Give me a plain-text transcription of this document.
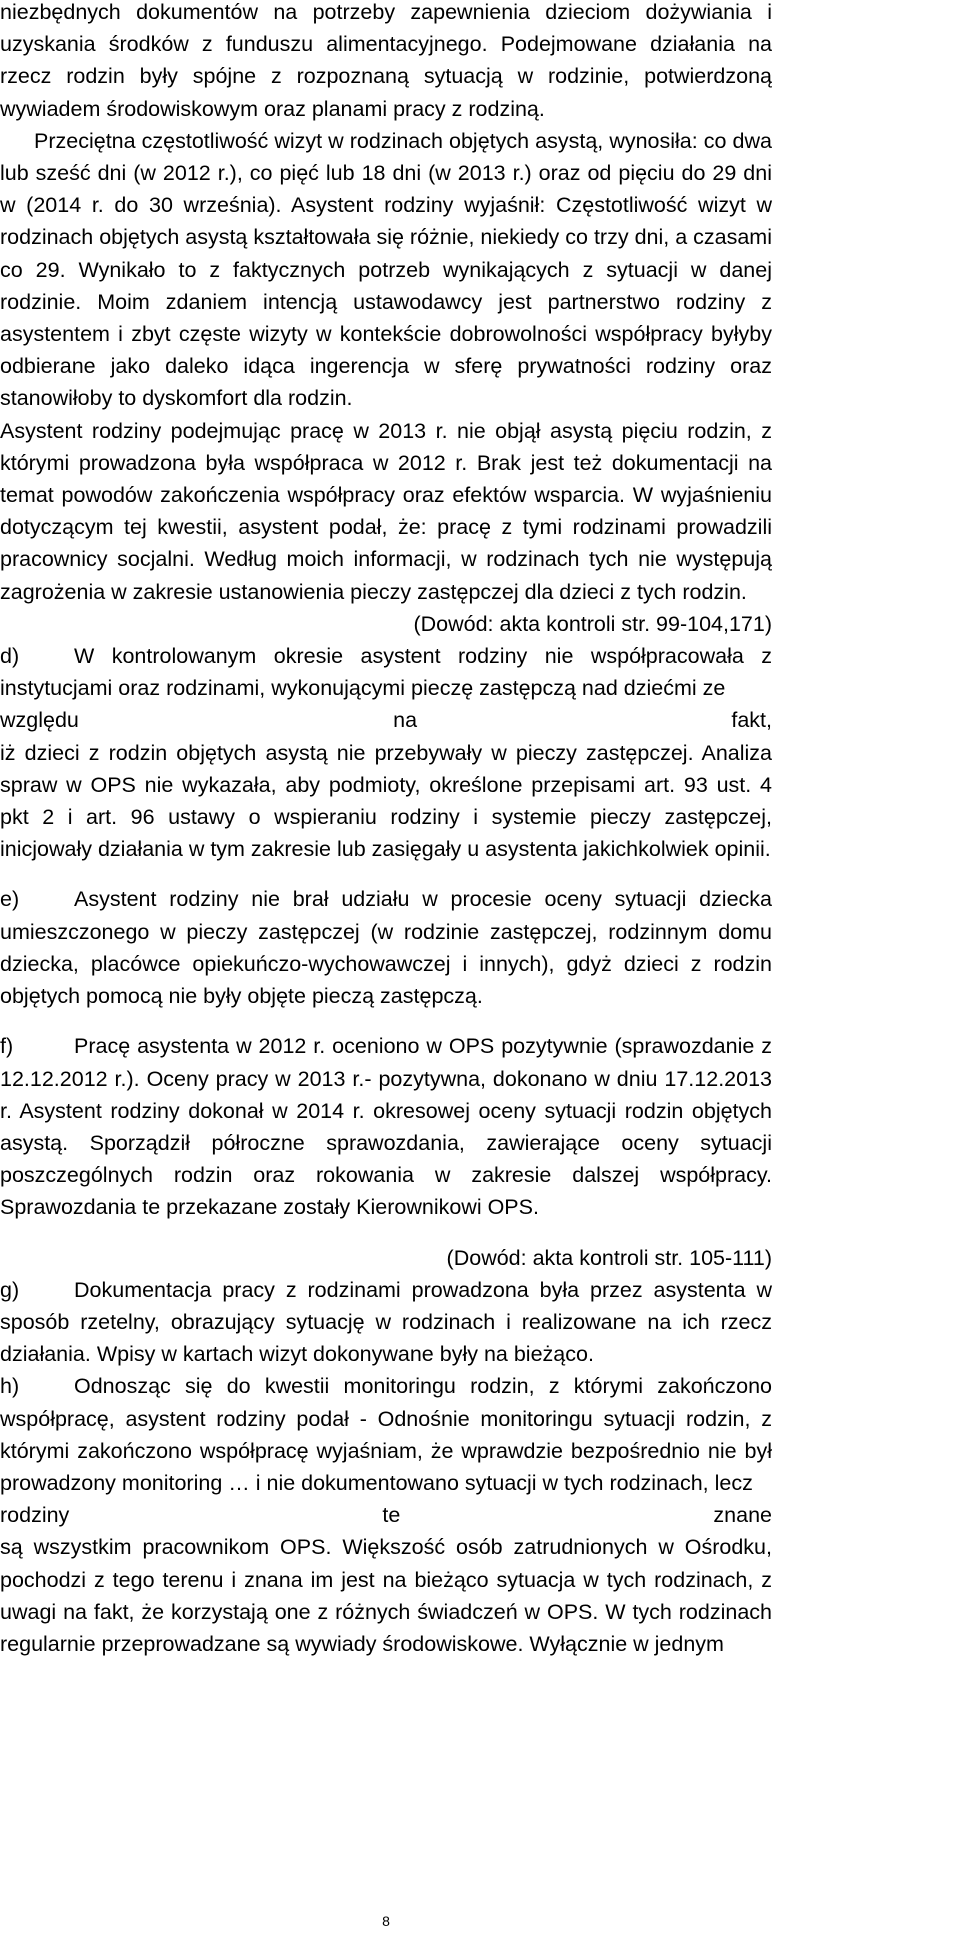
niezbędnych dokumentów na potrzeby zapewnienia dzieciom dożywiania i uzyskania środków z funduszu alimentacyjnego. Podejmowane działania na rzecz rodzin były spójne z rozpoznaną sytuacją w rodzinie, potwierdzoną wywiadem środowiskowym oraz planami pracy z rodziną.

Przeciętna częstotliwość wizyt w rodzinach objętych asystą, wynosiła: co dwa lub sześć dni (w 2012 r.), co pięć lub 18 dni (w 2013 r.) oraz od pięciu do 29 dni w (2014 r. do 30 września). Asystent rodziny wyjaśnił: Częstotliwość wizyt w rodzinach objętych asystą kształtowała się różnie, niekiedy co trzy dni, a czasami co 29. Wynikało to z faktycznych potrzeb wynikających z sytuacji w danej rodzinie. Moim zdaniem intencją ustawodawcy jest partnerstwo rodziny z asystentem i zbyt częste wizyty w kontekście dobrowolności współpracy byłyby odbierane jako daleko idąca ingerencja w sferę prywatności rodziny oraz stanowiłoby to dyskomfort dla rodzin.

Asystent rodziny podejmując pracę w 2013 r. nie objął asystą pięciu rodzin, z którymi prowadzona była współpraca w 2012 r. Brak jest też dokumentacji na temat powodów zakończenia współpracy oraz efektów wsparcia. W wyjaśnieniu dotyczącym tej kwestii, asystent podał, że: pracę z tymi rodzinami prowadzili pracownicy socjalni. Według moich informacji, w rodzinach tych nie występują zagrożenia w zakresie ustanowienia pieczy zastępczej dla dzieci z tych rodzin.

(Dowód: akta kontroli str. 99-104,171)

d)	W kontrolowanym okresie asystent rodziny nie współpracowała z instytucjami oraz rodzinami, wykonującymi pieczę zastępczą nad dziećmi ze

względu	na	fakt,

iż dzieci z rodzin objętych asystą nie przebywały w pieczy zastępczej. Analiza spraw w OPS nie wykazała, aby podmioty, określone przepisami art. 93 ust. 4 pkt 2 i art. 96 ustawy o wspieraniu rodziny i systemie pieczy zastępczej, inicjowały działania w tym zakresie lub zasięgały u asystenta jakichkolwiek opinii.

e)	Asystent rodziny nie brał udziału w procesie oceny sytuacji dziecka umieszczonego w pieczy zastępczej (w rodzinie zastępczej, rodzinnym domu dziecka, placówce opiekuńczo-wychowawczej i innych), gdyż dzieci z rodzin objętych pomocą nie były objęte pieczą zastępczą.

f)	Pracę asystenta w 2012 r. oceniono w OPS pozytywnie (sprawozdanie z 12.12.2012 r.). Oceny pracy w 2013 r.- pozytywna, dokonano w dniu 17.12.2013 r. Asystent rodziny dokonał w 2014 r. okresowej oceny sytuacji rodzin objętych asystą. Sporządził półroczne sprawozdania, zawierające oceny sytuacji poszczególnych rodzin oraz rokowania w zakresie dalszej współpracy. Sprawozdania te przekazane zostały Kierownikowi OPS.

(Dowód: akta kontroli str. 105-111)

g)	Dokumentacja pracy z rodzinami prowadzona była przez asystenta w sposób rzetelny, obrazujący sytuację w rodzinach i realizowane na ich rzecz działania. Wpisy w kartach wizyt dokonywane były na bieżąco.

h)	Odnosząc się do kwestii monitoringu rodzin, z którymi zakończono współpracę, asystent rodziny podał - Odnośnie monitoringu sytuacji rodzin, z którymi zakończono współpracę wyjaśniam, że wprawdzie bezpośrednio nie był prowadzony monitoring … i nie dokumentowano sytuacji w tych rodzinach, lecz

rodziny	te	znane

są wszystkim pracownikom OPS. Większość osób zatrudnionych w Ośrodku, pochodzi z tego terenu i znana im jest na bieżąco sytuacja w tych rodzinach, z uwagi na fakt, że korzystają one z różnych świadczeń w OPS. W tych rodzinach regularnie przeprowadzane są wywiady środowiskowe. Wyłącznie w jednym

8
